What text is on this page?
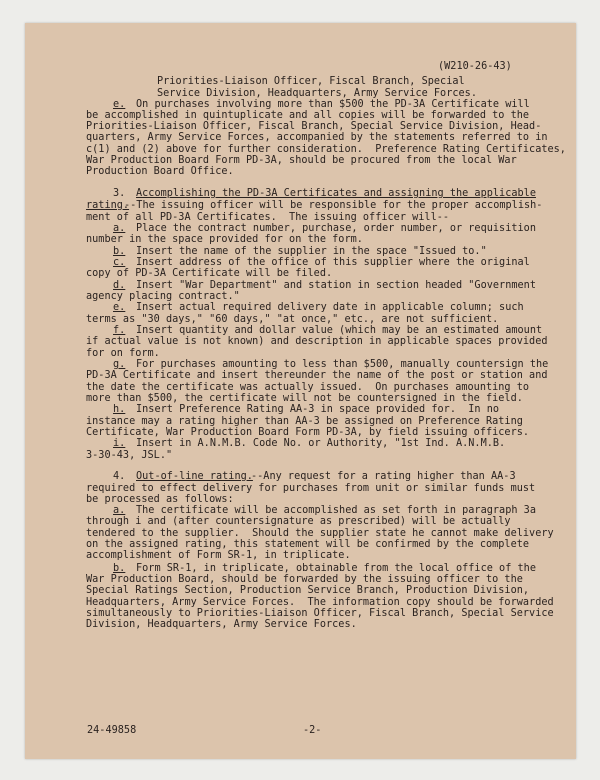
(W210-26-43)
Priorities-Liaison Officer, Fiscal Branch, Special
Service Division, Headquarters, Army Service Forces.
e. On purchases involving more than $500 the PD-3A Certificate will
be accomplished in quintuplicate and all copies will be forwarded to the
Priorities-Liaison Officer, Fiscal Branch, Special Service Division, Head-
quarters, Army Service Forces, accompanied by the statements referred to in
c(1) and (2) above for further consideration.  Preference Rating Certificates,
War Production Board Form PD-3A, should be procured from the local War
Production Board Office.
3. Accomplishing the PD-3A Certificates and assigning the applicable
rating.
--The issuing officer will be responsible for the proper accomplish-
ment of all PD-3A Certificates.  The issuing officer will--
a. Place the contract number, purchase, order number, or requisition
number in the space provided for on the form.
b. Insert the name of the supplier in the space "Issued to."
c. Insert address of the office of this supplier where the original
copy of PD-3A Certificate will be filed.
d. Insert "War Department" and station in section headed "Government
agency placing contract."
e. Insert actual required delivery date in applicable column; such
terms as "30 days," "60 days," "at once," etc., are not sufficient.
f. Insert quantity and dollar value (which may be an estimated amount
if actual value is not known) and description in applicable spaces provided
for on form.
g. For purchases amounting to less than $500, manually countersign the
PD-3A Certificate and insert thereunder the name of the post or station and
the date the certificate was actually issued.  On purchases amounting to
more than $500, the certificate will not be countersigned in the field.
h. Insert Preference Rating AA-3 in space provided for.  In no
instance may a rating higher than AA-3 be assigned on Preference Rating
Certificate, War Production Board Form PD-3A, by field issuing officers.
i. Insert in A.N.M.B. Code No. or Authority, "1st Ind. A.N.M.B.
3-30-43, JSL."
4. Out-of-line rating.
--Any request for a rating higher than AA-3
required to effect delivery for purchases from unit or similar funds must
be processed as follows:
a. The certificate will be accomplished as set forth in paragraph 3a
through i and (after countersignature as prescribed) will be actually
tendered to the supplier.  Should the supplier state he cannot make delivery
on the assigned rating, this statement will be confirmed by the complete
accomplishment of Form SR-1, in triplicate.
b. Form SR-1, in triplicate, obtainable from the local office of the
War Production Board, should be forwarded by the issuing officer to the
Special Ratings Section, Production Service Branch, Production Division,
Headquarters, Army Service Forces.  The information copy should be forwarded
simultaneously to Priorities-Liaison Officer, Fiscal Branch, Special Service
Division, Headquarters, Army Service Forces.
24-49858	-2-
